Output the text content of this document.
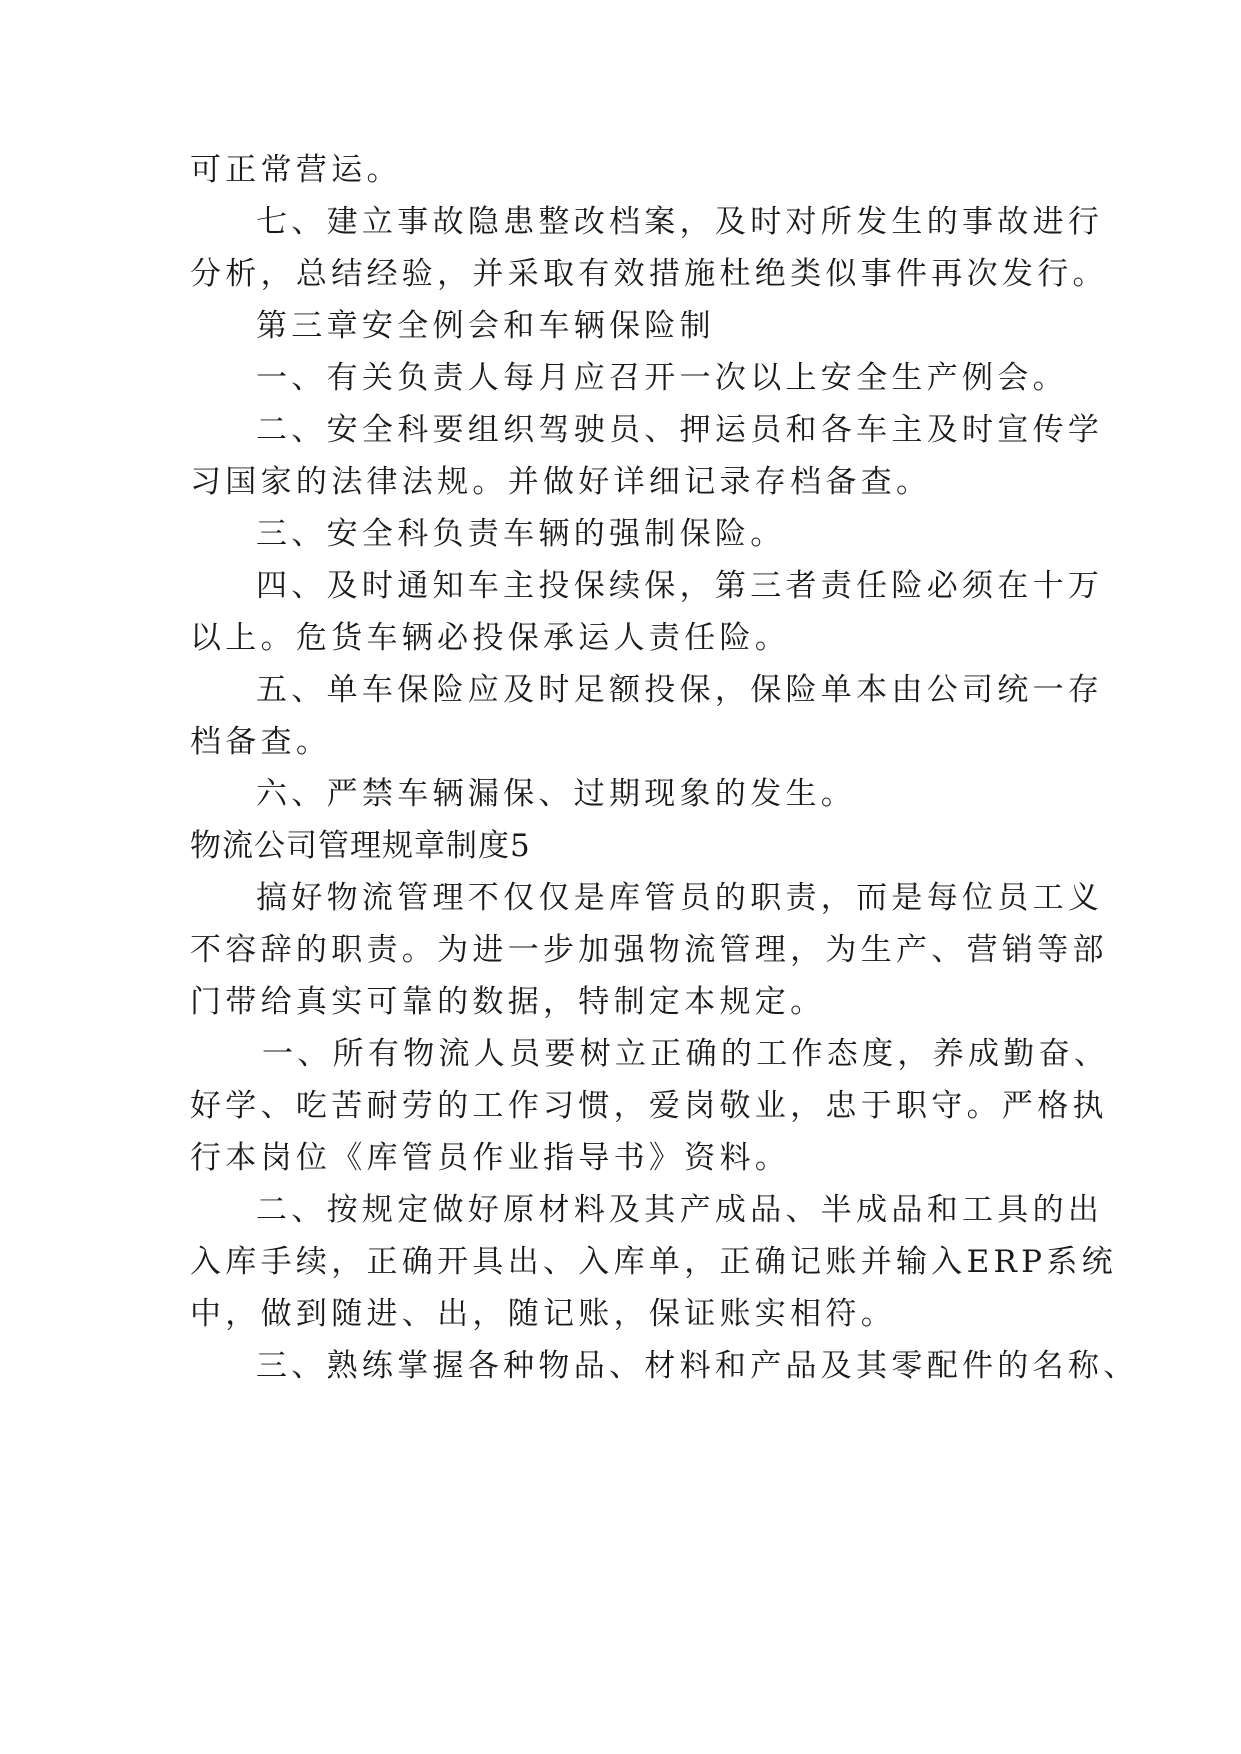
可正常营运。
七、建立事故隐患整改档案，及时对所发生的事故进行
分析，总结经验，并采取有效措施杜绝类似事件再次发行。
第三章安全例会和车辆保险制
一、有关负责人每月应召开一次以上安全生产例会。
二、安全科要组织驾驶员、押运员和各车主及时宣传学
习国家的法律法规。并做好详细记录存档备查。
三、安全科负责车辆的强制保险。
四、及时通知车主投保续保，第三者责任险必须在十万
以上。危货车辆必投保承运人责任险。
五、单车保险应及时足额投保，保险单本由公司统一存
档备查。
六、严禁车辆漏保、过期现象的发生。
物流公司管理规章制度5
搞好物流管理不仅仅是库管员的职责，而是每位员工义
不容辞的职责。为进一步加强物流管理，为生产、营销等部
门带给真实可靠的数据，特制定本规定。
一、所有物流人员要树立正确的工作态度，养成勤奋、
好学、吃苦耐劳的工作习惯，爱岗敬业，忠于职守。严格执
行本岗位《库管员作业指导书》资料。
二、按规定做好原材料及其产成品、半成品和工具的出
入库手续，正确开具出、入库单，正确记账并输入ERP系统
中，做到随进、出，随记账，保证账实相符。
三、熟练掌握各种物品、材料和产品及其零配件的名称、
